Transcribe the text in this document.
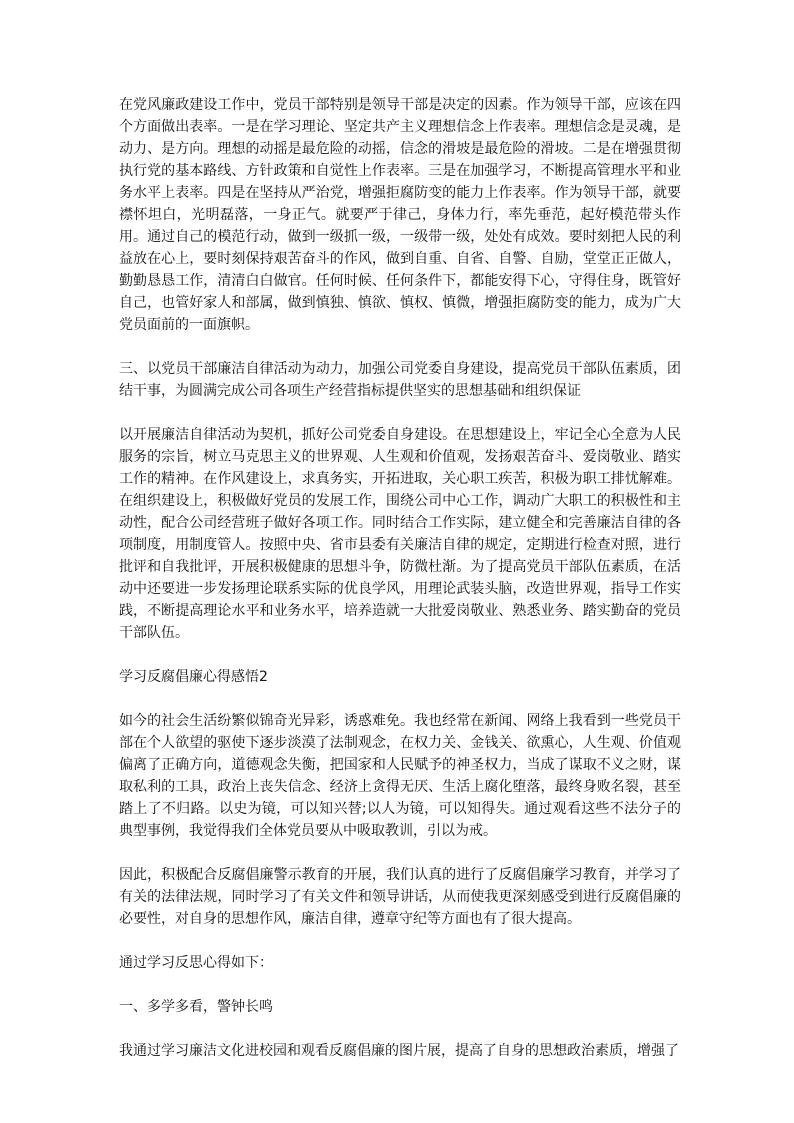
在党风廉政建设工作中，党员干部特别是领导干部是决定的因素。作为领导干部，应该在四个方面做出表率。一是在学习理论、坚定共产主义理想信念上作表率。理想信念是灵魂，是动力、是方向。理想的动摇是最危险的动摇，信念的滑坡是最危险的滑坡。二是在增强贯彻执行党的基本路线、方针政策和自觉性上作表率。三是在加强学习，不断提高管理水平和业务水平上表率。四是在坚持从严治党，增强拒腐防变的能力上作表率。作为领导干部，就要襟怀坦白，光明磊落，一身正气。就要严于律己，身体力行，率先垂范，起好模范带头作用。通过自己的模范行动，做到一级抓一级，一级带一级，处处有成效。要时刻把人民的利益放在心上，要时刻保持艰苦奋斗的作风，做到自重、自省、自警、自励，堂堂正正做人，勤勤恳恳工作，清清白白做官。任何时候、任何条件下，都能安得下心，守得住身，既管好自己，也管好家人和部属，做到慎独、慎欲、慎权、慎微，增强拒腐防变的能力，成为广大党员面前的一面旗帜。

三、以党员干部廉洁自律活动为动力，加强公司党委自身建设，提高党员干部队伍素质，团结干事，为圆满完成公司各项生产经营指标提供坚实的思想基础和组织保证

以开展廉洁自律活动为契机，抓好公司党委自身建设。在思想建设上，牢记全心全意为人民服务的宗旨，树立马克思主义的世界观、人生观和价值观，发扬艰苦奋斗、爱岗敬业、踏实工作的精神。在作风建设上，求真务实，开拓进取，关心职工疾苦，积极为职工排忧解难。在组织建设上，积极做好党员的发展工作，围绕公司中心工作，调动广大职工的积极性和主动性，配合公司经营班子做好各项工作。同时结合工作实际，建立健全和完善廉洁自律的各项制度，用制度管人。按照中央、省市县委有关廉洁自律的规定，定期进行检查对照，进行批评和自我批评，开展积极健康的思想斗争，防微杜渐。为了提高党员干部队伍素质，在活动中还要进一步发扬理论联系实际的优良学风，用理论武装头脑，改造世界观，指导工作实践，不断提高理论水平和业务水平，培养造就一大批爱岗敬业、熟悉业务、踏实勤奋的党员干部队伍。

学习反腐倡廉心得感悟2

如今的社会生活纷繁似锦奇光异彩，诱惑难免。我也经常在新闻、网络上我看到一些党员干部在个人欲望的驱使下逐步淡漠了法制观念，在权力关、金钱关、欲熏心，人生观、价值观偏离了正确方向，道德观念失衡，把国家和人民赋予的神圣权力，当成了谋取不义之财，谋取私利的工具，政治上丧失信念、经济上贪得无厌、生活上腐化堕落，最终身败名裂，甚至踏上了不归路。以史为镜，可以知兴替;以人为镜，可以知得失。通过观看这些不法分子的典型事例，我觉得我们全体党员要从中吸取教训，引以为戒。

因此，积极配合反腐倡廉警示教育的开展，我们认真的进行了反腐倡廉学习教育，并学习了有关的法律法规，同时学习了有关文件和领导讲话，从而使我更深刻感受到进行反腐倡廉的必要性，对自身的思想作风，廉洁自律，遵章守纪等方面也有了很大提高。

通过学习反思心得如下：

一、多学多看，警钟长鸣

我通过学习廉洁文化进校园和观看反腐倡廉的图片展，提高了自身的思想政治素质，增强了
